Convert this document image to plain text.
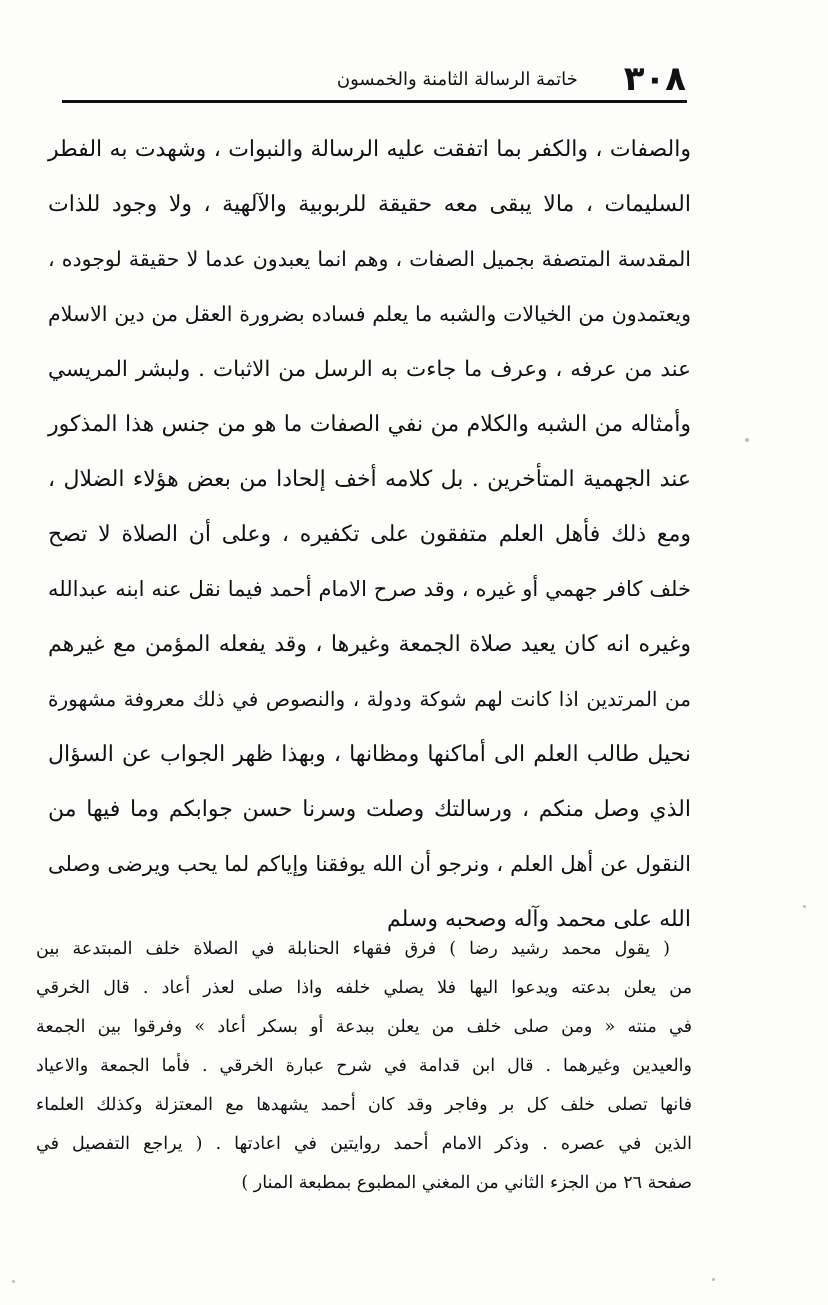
٣٠٨
خاتمة الرسالة الثامنة والخمسون
والصفات ، والكفر بما اتفقت عليه الرسالة والنبوات ، وشهدت به الفطر
السليمات ، مالا يبقى معه حقيقة للربوبية والآلهية ، ولا وجود للذات
المقدسة المتصفة بجميل الصفات ، وهم انما يعبدون عدما لا حقيقة لوجوده ،
ويعتمدون من الخيالات والشبه ما يعلم فساده بضرورة العقل من دين الاسلام
عند من عرفه ، وعرف ما جاءت به الرسل من الاثبات . ولبشر المريسي
وأمثاله من الشبه والكلام من نفي الصفات ما هو من جنس هذا المذكور
عند الجهمية المتأخرين . بل كلامه أخف إلحادا من بعض هؤلاء الضلال ،
ومع ذلك فأهل العلم متفقون على تكفيره ، وعلى أن الصلاة لا تصح
خلف كافر جهمي أو غيره ، وقد صرح الامام أحمد فيما نقل عنه ابنه عبدالله
وغيره انه كان يعيد صلاة الجمعة وغيرها ، وقد يفعله المؤمن مع غيرهم
من المرتدين اذا كانت لهم شوكة ودولة ، والنصوص في ذلك معروفة مشهورة
نحيل طالب العلم الى أماكنها ومظانها ، وبهذا ظهر الجواب عن السؤال
الذي وصل منكم ، ورسالتك وصلت وسرنا حسن جوابكم وما فيها من
النقول عن أهل العلم ، ونرجو أن الله يوفقنا وإياكم لما يحب ويرضى وصلى
الله على محمد وآله وصحبه وسلم
( يقول محمد رشيد رضا ) فرق فقهاء الحنابلة في الصلاة خلف المبتدعة بين
من يعلن بدعته ويدعوا اليها فلا يصلي خلفه واذا صلى لعذر أعاد . قال الخرقي
في منته « ومن صلى خلف من يعلن ببدعة أو بسكر أعاد » وفرقوا بين الجمعة
والعيدين وغيرهما . قال ابن قدامة في شرح عبارة الخرقي . فأما الجمعة والاعياد
فانها تصلى خلف كل بر وفاجر وقد كان أحمد يشهدها مع المعتزلة وكذلك العلماء
الذين في عصره . وذكر الامام أحمد روايتين في اعادتها . ( يراجع التفصيل في
صفحة ٢٦ من الجزء الثاني من المغني المطبوع بمطبعة المنار )
